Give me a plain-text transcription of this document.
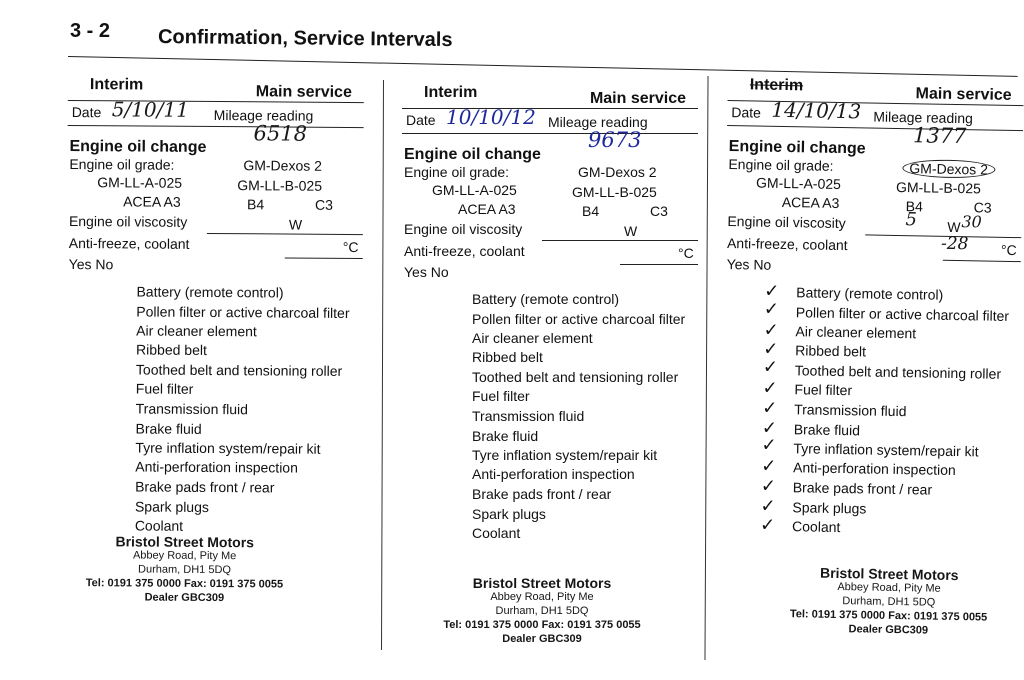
3 - 2 Confirmation, Service Intervals
Interim	Main service
Date 5/10/11 Mileage reading
6518
Engine oil change
Engine oil grade:	GM-Dexos 2
GM-LL-A-025	GM-LL-B-025
ACEA A3	B4	C3
Engine oil viscosity	W
Anti-freeze, coolant	°C
Yes No
Battery (remote control)
Pollen filter or active charcoal filter
Air cleaner element
Ribbed belt
Toothed belt and tensioning roller
Fuel filter
Transmission fluid
Brake fluid
Tyre inflation system/repair kit
Anti-perforation inspection
Brake pads front / rear
Spark plugs
Coolant
Bristol Street Motors
Abbey Road, Pity Me
Durham, DH1 5DQ
Tel: 0191 375 0000 Fax: 0191 375 0055
Dealer GBC309
Interim	Main service
Date 10/10/12 Mileage reading
9673
Engine oil change
Engine oil grade:	GM-Dexos 2
GM-LL-A-025	GM-LL-B-025
ACEA A3	B4	C3
Engine oil viscosity	W
Anti-freeze, coolant	°C
Yes No
Battery (remote control)
Pollen filter or active charcoal filter
Air cleaner element
Ribbed belt
Toothed belt and tensioning roller
Fuel filter
Transmission fluid
Brake fluid
Tyre inflation system/repair kit
Anti-perforation inspection
Brake pads front / rear
Spark plugs
Coolant
Bristol Street Motors
Abbey Road, Pity Me
Durham, DH1 5DQ
Tel: 0191 375 0000 Fax: 0191 375 0055
Dealer GBC309
Interim	Main service
Date 14/10/13 Mileage reading
1377
Engine oil change
Engine oil grade:	GM-Dexos 2
GM-LL-A-025	GM-LL-B-025
ACEA A3	B4	C3
Engine oil viscosity	W
5	30
Anti-freeze, coolant	°C
-28
Yes No
✓ Battery (remote control)
✓ Pollen filter or active charcoal filter
✓ Air cleaner element
✓ Ribbed belt
✓ Toothed belt and tensioning roller
✓ Fuel filter
✓ Transmission fluid
✓ Brake fluid
✓ Tyre inflation system/repair kit
✓ Anti-perforation inspection
✓ Brake pads front / rear
✓ Spark plugs
✓ Coolant
Bristol Street Motors
Abbey Road, Pity Me
Durham, DH1 5DQ
Tel: 0191 375 0000 Fax: 0191 375 0055
Dealer GBC309
